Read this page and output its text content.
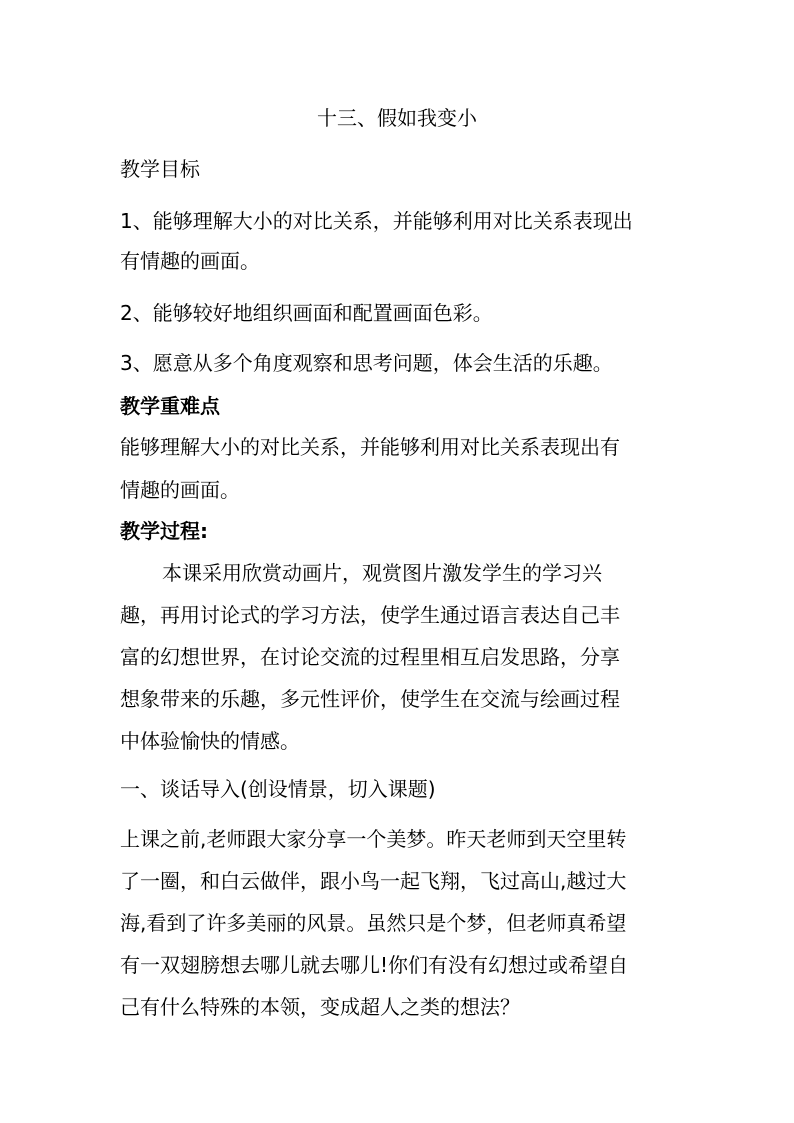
十三、假如我变小
教学目标
1、能够理解大小的对比关系，并能够利用对比关系表现出
有情趣的画面。
2、能够较好地组织画面和配置画面色彩。
3、愿意从多个角度观察和思考问题，体会生活的乐趣。
教学重难点
能够理解大小的对比关系，并能够利用对比关系表现出有
情趣的画面。
教学过程:
本课采用欣赏动画片，观赏图片激发学生的学习兴
趣，再用讨论式的学习方法，使学生通过语言表达自己丰
富的幻想世界，在讨论交流的过程里相互启发思路，分享
想象带来的乐趣，多元性评价，使学生在交流与绘画过程
中体验愉快的情感。
一、谈话导入(创设情景，切入课题)
上课之前,老师跟大家分享一个美梦。昨天老师到天空里转
了一圈，和白云做伴，跟小鸟一起飞翔，飞过高山,越过大
海,看到了许多美丽的风景。虽然只是个梦，但老师真希望
有一双翅膀想去哪儿就去哪儿!你们有没有幻想过或希望自
己有什么特殊的本领，变成超人之类的想法？
